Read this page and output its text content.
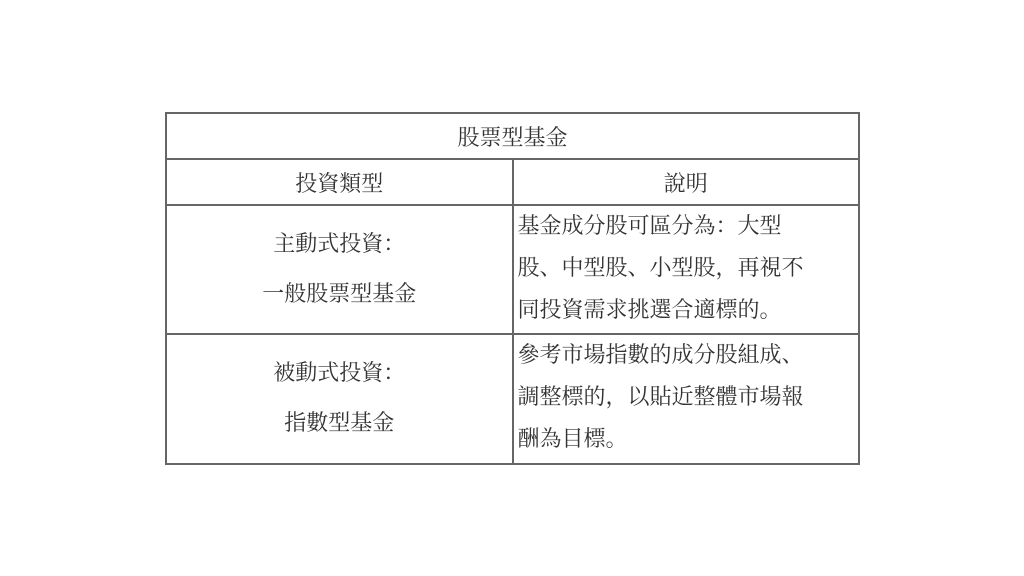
股票型基金	
投資類型	說明

主動式投資：
一般股票型基金	基金成分股可區分為：大型
股、中型股、小型股，再視不
同投資需求挑選合適標的。

被動式投資：
指數型基金	參考市場指數的成分股組成、
調整標的，以貼近整體市場報
酬為目標。
